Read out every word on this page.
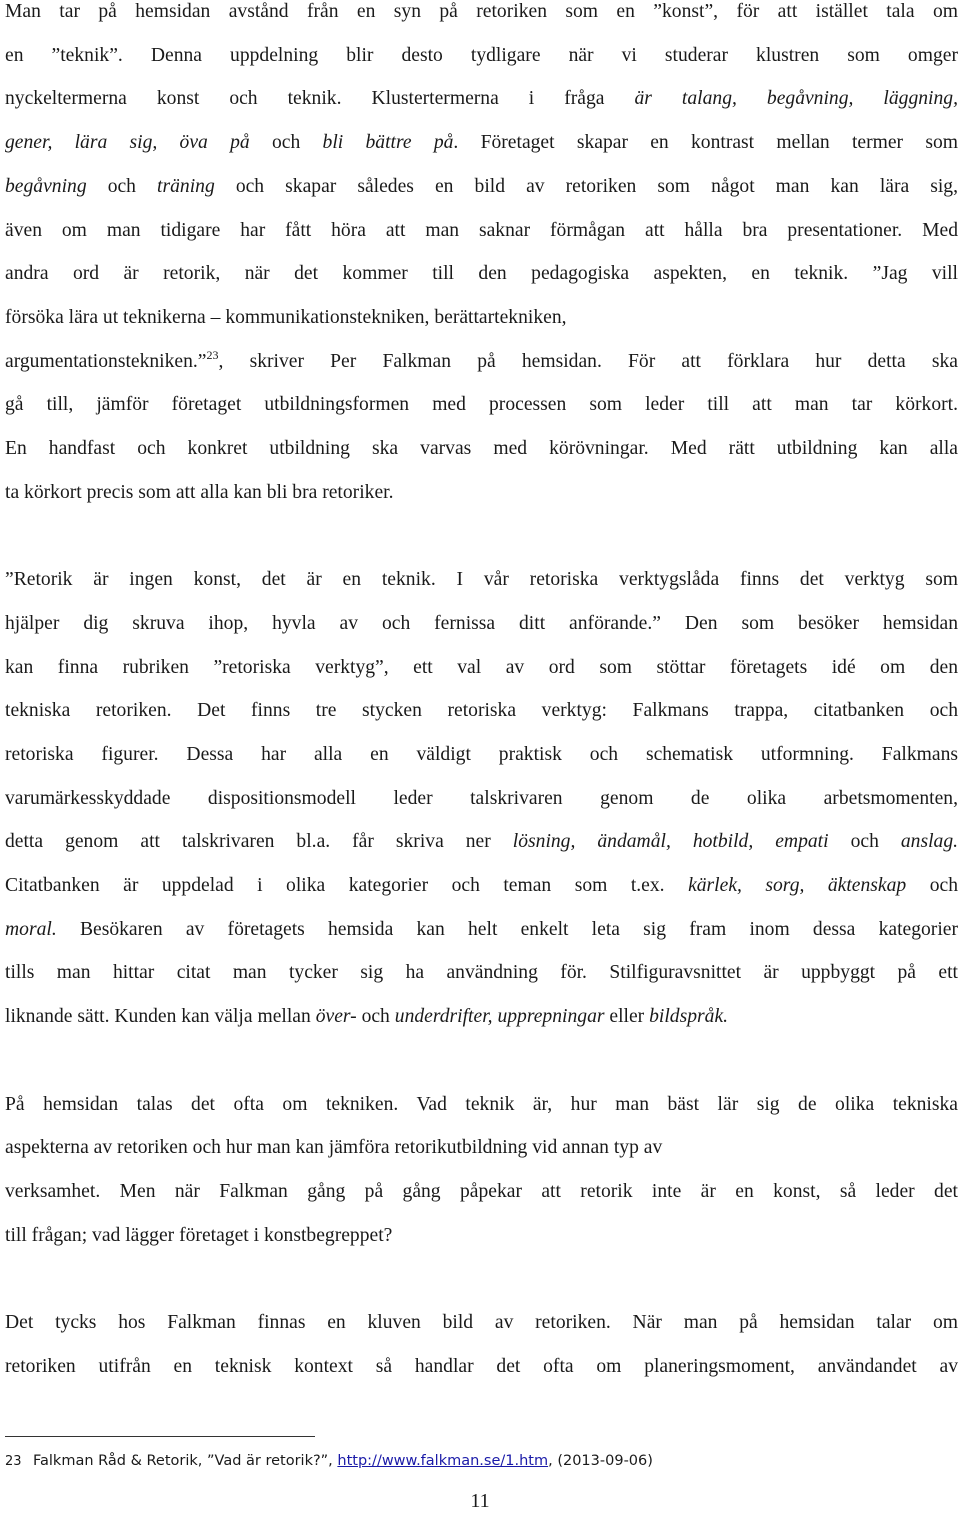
Man tar på hemsidan avstånd från en syn på retoriken som en ”konst”, för att istället tala om
en ”teknik”. Denna uppdelning blir desto tydligare när vi studerar klustren som omger
nyckeltermerna konst och teknik. Klustertermerna i fråga är talang, begåvning, läggning,
gener, lära sig, öva på och bli bättre på. Företaget skapar en kontrast mellan termer som
begåvning och träning och skapar således en bild av retoriken som något man kan lära sig,
även om man tidigare har fått höra att man saknar förmågan att hålla bra presentationer. Med
andra ord är retorik, när det kommer till den pedagogiska aspekten, en teknik. ”Jag vill
försöka lära ut teknikerna – kommunikationstekniken, berättartekniken,
argumentationstekniken.”$^{23}$, skriver Per Falkman på hemsidan. För att förklara hur detta ska
gå till, jämför företaget utbildningsformen med processen som leder till att man tar körkort.
En handfast och konkret utbildning ska varvas med körövningar. Med rätt utbildning kan alla
ta körkort precis som att alla kan bli bra retoriker.

”Retorik är ingen konst, det är en teknik. I vår retoriska verktygslåda finns det verktyg som
hjälper dig skruva ihop, hyvla av och fernissa ditt anförande.” Den som besöker hemsidan
kan finna rubriken ”retoriska verktyg”, ett val av ord som stöttar företagets idé om den
tekniska retoriken. Det finns tre stycken retoriska verktyg: Falkmans trappa, citatbanken och
retoriska figurer. Dessa har alla en väldigt praktisk och schematisk utformning. Falkmans
varumärkesskyddade dispositionsmodell leder talskrivaren genom de olika arbetsmomenten,
detta genom att talskrivaren bl.a. får skriva ner lösning, ändamål, hotbild, empati och anslag.
Citatbanken är uppdelad i olika kategorier och teman som t.ex. kärlek, sorg, äktenskap och
moral. Besökaren av företagets hemsida kan helt enkelt leta sig fram inom dessa kategorier
tills man hittar citat man tycker sig ha användning för. Stilfiguravsnittet är uppbyggt på ett
liknande sätt. Kunden kan välja mellan över- och underdrifter, upprepningar eller bildspråk.

På hemsidan talas det ofta om tekniken. Vad teknik är, hur man bäst lär sig de olika tekniska
aspekterna av retoriken och hur man kan jämföra retorikutbildning vid annan typ av
verksamhet. Men när Falkman gång på gång påpekar att retorik inte är en konst, så leder det
till frågan; vad lägger företaget i konstbegreppet?

Det tycks hos Falkman finnas en kluven bild av retoriken. När man på hemsidan talar om
retoriken utifrån en teknisk kontext så handlar det ofta om planeringsmoment, användandet av

23 Falkman Råd & Retorik, ”Vad är retorik?”, http://www.falkman.se/1.htm, (2013-09-06)
11
